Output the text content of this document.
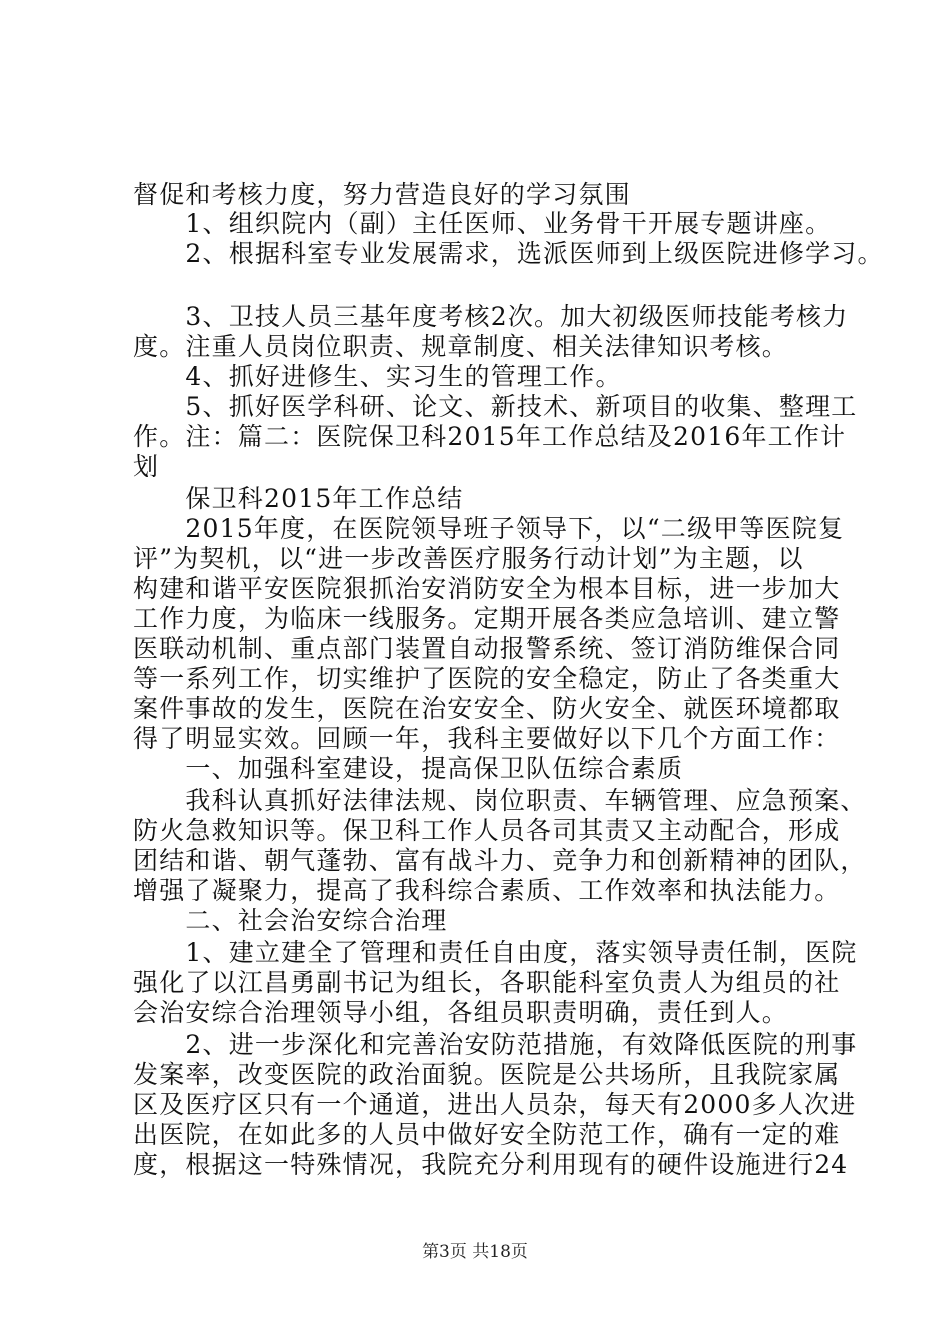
督促和考核力度，努力营造良好的学习氛围
　　1、组织院内（副）主任医师、业务骨干开展专题讲座。
　　2、根据科室专业发展需求，选派医师到上级医院进修学习。
　　3、卫技人员三基年度考核2次。加大初级医师技能考核力
度。注重人员岗位职责、规章制度、相关法律知识考核。
　　4、抓好进修生、实习生的管理工作。
　　5、抓好医学科研、论文、新技术、新项目的收集、整理工
作。注：篇二：医院保卫科2015年工作总结及2016年工作计
划
　　保卫科2015年工作总结
　　2015年度，在医院领导班子领导下，以“二级甲等医院复
评”为契机，以“进一步改善医疗服务行动计划”为主题，以
构建和谐平安医院狠抓治安消防安全为根本目标，进一步加大
工作力度，为临床一线服务。定期开展各类应急培训、建立警
医联动机制、重点部门装置自动报警系统、签订消防维保合同
等一系列工作，切实维护了医院的安全稳定，防止了各类重大
案件事故的发生，医院在治安安全、防火安全、就医环境都取
得了明显实效。回顾一年，我科主要做好以下几个方面工作：
　　一、加强科室建设，提高保卫队伍综合素质
　　我科认真抓好法律法规、岗位职责、车辆管理、应急预案、
防火急救知识等。保卫科工作人员各司其责又主动配合，形成
团结和谐、朝气蓬勃、富有战斗力、竞争力和创新精神的团队，
增强了凝聚力，提高了我科综合素质、工作效率和执法能力。
　　二、社会治安综合治理
　　1、建立建全了管理和责任自由度，落实领导责任制，医院
强化了以江昌勇副书记为组长，各职能科室负责人为组员的社
会治安综合治理领导小组，各组员职责明确，责任到人。
　　2、进一步深化和完善治安防范措施，有效降低医院的刑事
发案率，改变医院的政治面貌。医院是公共场所，且我院家属
区及医疗区只有一个通道，进出人员杂，每天有2000多人次进
出医院，在如此多的人员中做好安全防范工作，确有一定的难
度，根据这一特殊情况，我院充分利用现有的硬件设施进行24
第3页 共18页
